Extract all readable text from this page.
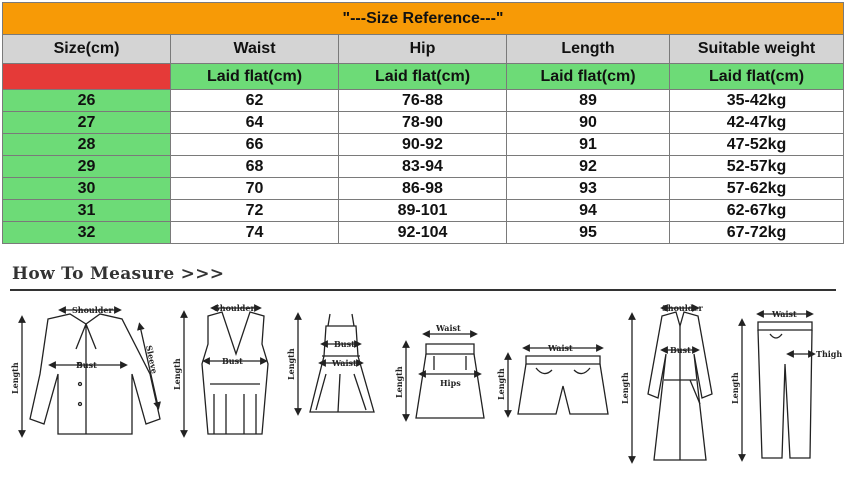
"---Size Reference---"				
Size(cm)	Waist	Hip	Length	Suitable weight
	Laid flat(cm)	Laid flat(cm)	Laid flat(cm)	Laid flat(cm)
26	62	76-88	89	35-42kg
27	64	78-90	90	42-47kg
28	66	90-92	91	47-52kg
29	68	83-94	92	52-57kg
30	70	86-98	93	57-62kg
31	72	89-101	94	62-67kg
32	74	92-104	95	67-72kg
How To Measure >>>
Shoulder
Bust
Length
Sleeve
Shoulder
Bust
Length
Bust
Waist
Length
Waist
Hips
Length
Waist
Length
Shoulder
Bust
Length
Waist
Thigh
Length
